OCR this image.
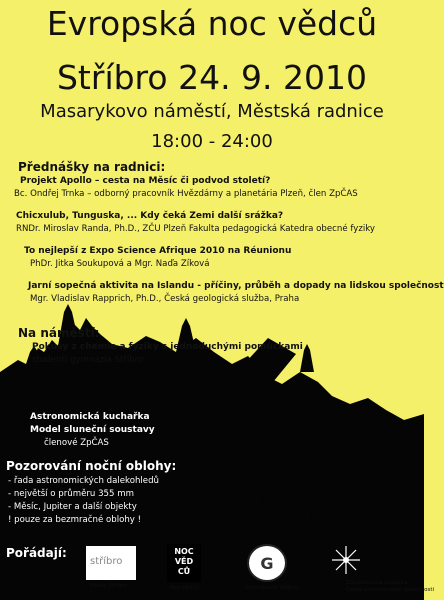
Evropská noc vědců
Stříbro 24. 9. 2010
Masarykovo náměstí, Městská radnice
18:00 - 24:00
Přednášky na radnici:
Projekt Apollo – cesta na Měsíc či podvod století?
Bc. Ondřej Trnka – odborný pracovník Hvězdárny a planetária Plzeň, člen ZpČAS
Chicxulub, Tunguska, ... Kdy čeká Zemi další srážka?
RNDr. Miroslav Randa, Ph.D., ZČU Plzeň Fakulta pedagogická Katedra obecné fyziky
To nejlepší z Expo Science Afrique 2010 na Réunionu
PhDr. Jitka Soukupová a Mgr. Naďa Zíková
Jarní sopečná aktivita na Islandu - příčiny, průběh a dopady na lidskou společnost
Mgr. Vladislav Rapprich, Ph.D., Česká geologická služba, Praha
Na náměstí:
Pokusy z chemie a fyziky s jednoduchými pomůckami
studenti gymnázia Stříbro
Astronomická kuchařka
Model sluneční soustavy
členové ZpČAS
Pozorování noční oblohy:
- řada astronomických dalekohledů
- největší o průměru 355 mm
- Měsíc, Jupiter a další objekty
! pouze za bezmračné oblohy !
Pořádají:
stříbro
Město Stříbro
NOC
VĚD
CŮ
Noc vědců
G
Gymnázium Stříbro
Západočeská pobočka
České astronomické společnosti
